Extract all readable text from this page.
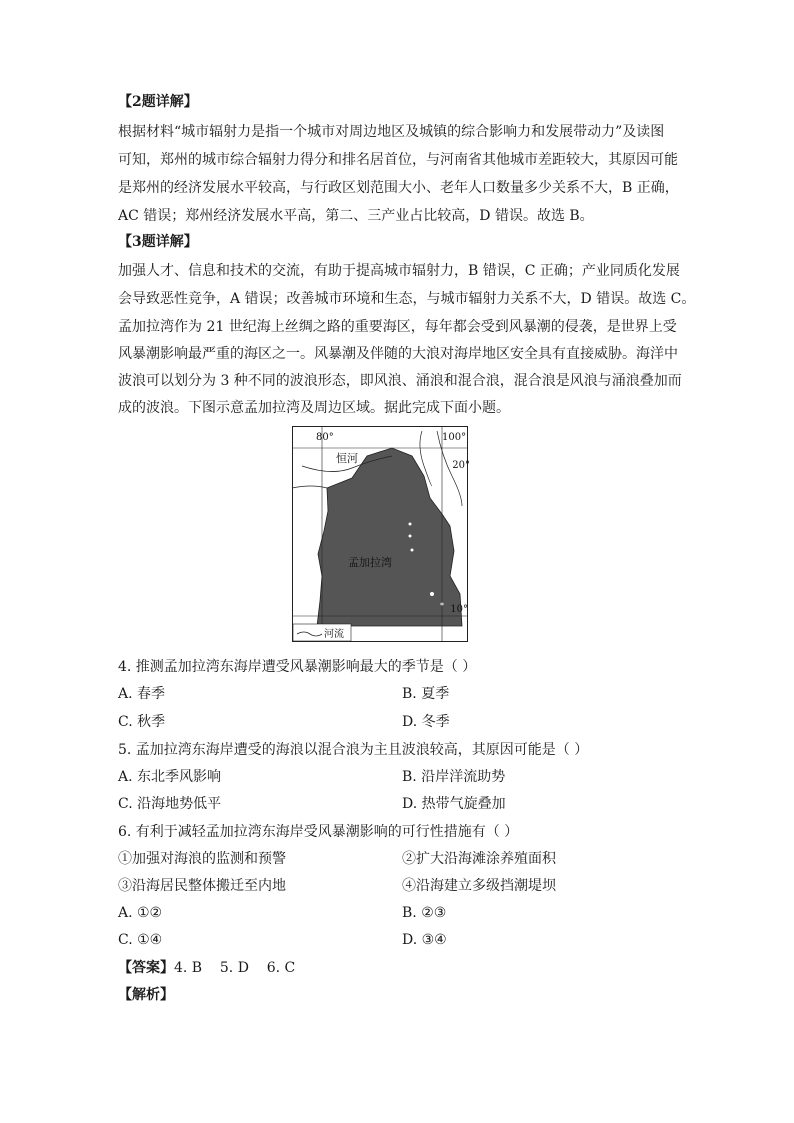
【2题详解】
根据材料“城市辐射力是指一个城市对周边地区及城镇的综合影响力和发展带动力”及读图
可知，郑州的城市综合辐射力得分和排名居首位，与河南省其他城市差距较大，其原因可能
是郑州的经济发展水平较高，与行政区划范围大小、老年人口数量多少关系不大，B 正确，
AC 错误；郑州经济发展水平高，第二、三产业占比较高，D 错误。故选 B。
【3题详解】
加强人才、信息和技术的交流，有助于提高城市辐射力，B 错误，C 正确；产业同质化发展
会导致恶性竞争，A 错误；改善城市环境和生态，与城市辐射力关系不大，D 错误。故选 C。
孟加拉湾作为 21 世纪海上丝绸之路的重要海区，每年都会受到风暴潮的侵袭，是世界上受
风暴潮影响最严重的海区之一。风暴潮及伴随的大浪对海岸地区安全具有直接威胁。海洋中
波浪可以划分为 3 种不同的波浪形态，即风浪、涌浪和混合浪，混合浪是风浪与涌浪叠加而
成的波浪。下图示意孟加拉湾及周边区域。据此完成下面小题。
80°	100°
20°
10°
恒河
孟加拉湾
河流
4. 推测孟加拉湾东海岸遭受风暴潮影响最大的季节是（ ）
A. 春季	B. 夏季
C. 秋季	D. 冬季
5. 孟加拉湾东海岸遭受的海浪以混合浪为主且波浪较高，其原因可能是（ ）
A. 东北季风影响	B. 沿岸洋流助势
C. 沿海地势低平	D. 热带气旋叠加
6. 有利于减轻孟加拉湾东海岸受风暴潮影响的可行性措施有（ ）
①加强对海浪的监测和预警	②扩大沿海滩涂养殖面积
③沿海居民整体搬迁至内地	④沿海建立多级挡潮堤坝
A. ①②	B. ②③
C. ①④	D. ③④
【答案】4. B    5. D    6. C
【解析】
